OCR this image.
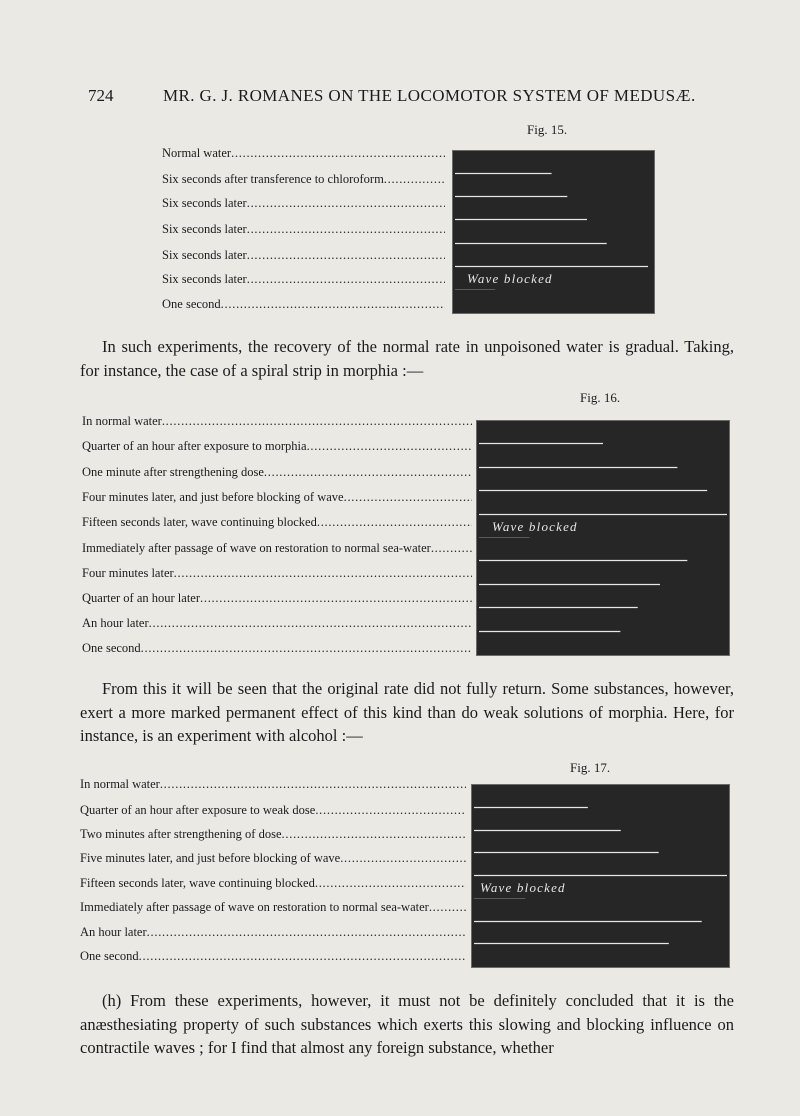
724	MR. G. J. ROMANES ON THE LOCOMOTOR SYSTEM OF MEDUSÆ.
Fig. 15.
Normal water
. . .
Six seconds after transference to chloroform
. . .
Six seconds later
. . .
Six seconds later
. . .
Six seconds later
. . .
Six seconds later
. . .
One second
. . .
Wave blocked
In such experiments, the recovery of the normal rate in unpoisoned water is gradual. Taking, for instance, the case of a spiral strip in morphia :—
Fig. 16.
In normal water
. . .
Quarter of an hour after exposure to morphia
. . .
One minute after strengthening dose
. . .
Four minutes later, and just before blocking of wave
. . .
Fifteen seconds later, wave continuing blocked
. . .
Immediately after passage of wave on restoration to normal sea-water
. . .
Four minutes later
. . .
Quarter of an hour later
. . .
An hour later
. . .
One second
. . .
Wave blocked
From this it will be seen that the original rate did not fully return. Some substances, however, exert a more marked permanent effect of this kind than do weak solutions of morphia. Here, for instance, is an experiment with alcohol :—
Fig. 17.
In normal water
. . .
Quarter of an hour after exposure to weak dose
. . .
Two minutes after strengthening of dose
. . .
Five minutes later, and just before blocking of wave
. . .
Fifteen seconds later, wave continuing blocked
. . .
Immediately after passage of wave on restoration to normal sea-water
. . .
An hour later
. . .
One second
. . .
Wave blocked
(h) From these experiments, however, it must not be definitely concluded that it is the anæsthesiating property of such substances which exerts this slowing and blocking influence on contractile waves ; for I find that almost any foreign substance, whether
